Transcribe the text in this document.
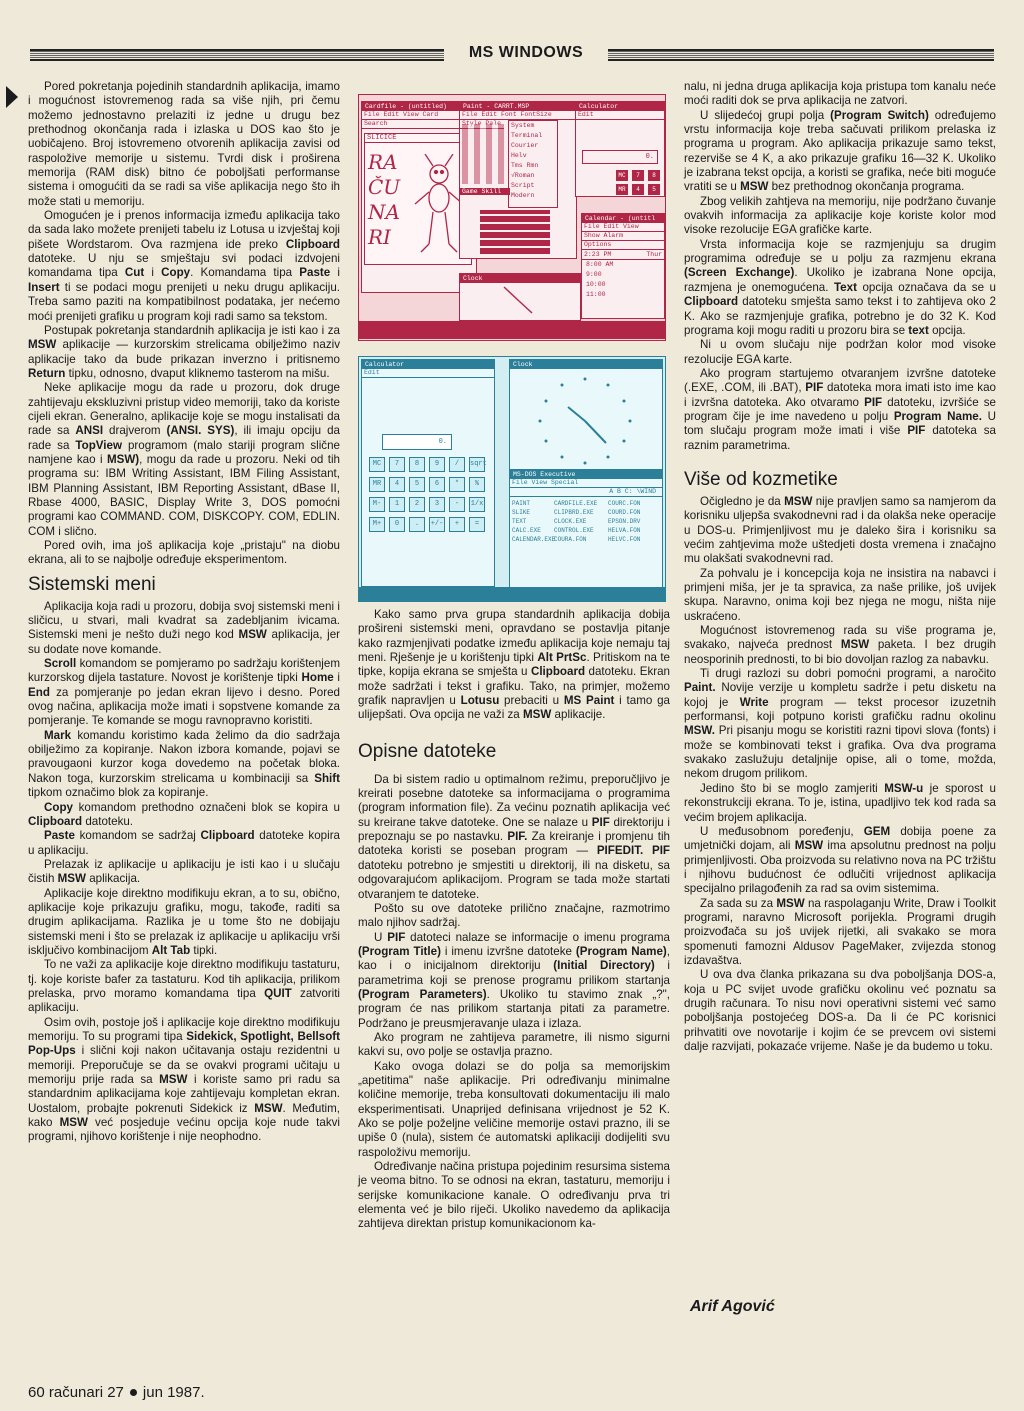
MS WINDOWS

Pored pokretanja pojedinih standardnih aplikacija, imamo i mogućnost istovremenog rada sa više njih, pri čemu možemo jednostavno prelaziti iz jedne u drugu bez prethodnog okončanja rada i izlaska u DOS kao što je uobičajeno. Broj istovremeno otvorenih aplikacija zavisi od raspoložive memorije u sistemu. Tvrdi disk i proširena memorija (RAM disk) bitno će poboljšati performanse sistema i omogućiti da se radi sa više aplikacija nego što ih može stati u memoriju.

Omogućen je i prenos informacija između aplikacija tako da sada lako možete prenijeti tabelu iz Lotusa u izvještaj koji pišete Wordstarom. Ova razmjena ide preko Clipboard datoteke. U nju se smještaju svi podaci izdvojeni komandama tipa Cut i Copy. Komandama tipa Paste i Insert ti se podaci mogu prenijeti u neku drugu aplikaciju. Treba samo paziti na kompatibilnost podataka, jer nećemo moći prenijeti grafiku u program koji radi samo sa tekstom.

Postupak pokretanja standardnih aplikacija je isti kao i za MSW aplikacije — kurzorskim strelicama obilježimo naziv aplikacije tako da bude prikazan inverzno i pritisnemo Return tipku, odnosno, dvaput kliknemo tasterom na mišu.

Neke aplikacije mogu da rade u prozoru, dok druge zahtijevaju ekskluzivni pristup video memoriji, tako da koriste cijeli ekran. Generalno, aplikacije koje se mogu instalisati da rade sa ANSI drajverom (ANSI. SYS), ili imaju opciju da rade sa TopView programom (malo stariji program slične namjene kao i MSW), mogu da rade u prozoru. Neki od tih programa su: IBM Writing Assistant, IBM Filing Assistant, IBM Planning Assistant, IBM Reporting Assistant, dBase II, Rbase 4000, BASIC, Display Write 3, DOS pomoćni programi kao COMMAND. COM, DISKCOPY. COM, EDLIN. COM i slično.

Pored ovih, ima još aplikacija koje „pristaju" na diobu ekrana, ali to se najbolje određuje eksperimentom.

Sistemski meni

Aplikacija koja radi u prozoru, dobija svoj sistemski meni i sličicu, u stvari, mali kvadrat sa zadebljanim ivicama. Sistemski meni je nešto duži nego kod MSW aplikacija, jer su dodate nove komande.

Scroll komandom se pomjeramo po sadržaju korištenjem kurzorskog dijela tastature. Novost je korištenje tipki Home i End za pomjeranje po jedan ekran lijevo i desno. Pored ovog načina, aplikacija može imati i sopstvene komande za pomjeranje. Te komande se mogu ravnopravno koristiti.

Mark komandu koristimo kada želimo da dio sadržaja obilježimo za kopiranje. Nakon izbora komande, pojavi se pravougaoni kurzor koga dovedemo na početak bloka. Nakon toga, kurzorskim strelicama u kombinaciji sa Shift tipkom označimo blok za kopiranje.

Copy komandom prethodno označeni blok se kopira u Clipboard datoteku.

Paste komandom se sadržaj Clipboard datoteke kopira u aplikaciju.

Prelazak iz aplikacije u aplikaciju je isti kao i u slučaju čistih MSW aplikacija.

Aplikacije koje direktno modifikuju ekran, a to su, obično, aplikacije koje prikazuju grafiku, mogu, takođe, raditi sa drugim aplikacijama. Razlika je u tome što ne dobijaju sistemski meni i što se prelazak iz aplikacije u aplikaciju vrši isključivo kombinacijom Alt Tab tipki.

To ne važi za aplikacije koje direktno modifikuju tastaturu, tj. koje koriste bafer za tastaturu. Kod tih aplikacija, prilikom prelaska, prvo moramo komandama tipa QUIT zatvoriti aplikaciju.

Osim ovih, postoje još i aplikacije koje direktno modifikuju memoriju. To su programi tipa Sidekick, Spotlight, Bellsoft Pop-Ups i slični koji nakon učitavanja ostaju rezidentni u memoriji. Preporučuje se da se ovakvi programi učitaju u memoriju prije rada sa MSW i koriste samo pri radu sa standardnim aplikacijama koje zahtijevaju kompletan ekran. Uostalom, probajte pokrenuti Sidekick iz MSW. Međutim, kako MSW već posjeduje većinu opcija koje nude takvi programi, njihovo korištenje i nije neophodno.

Cardfile - (untitled)
File Edit View Card
Search
SLICICE
RA
ČU
NA
RI
Paint - CARRT.MSP
File Edit Font FontSize
Style Pale	System
Terminal
Courier
Helv
Tms Rmn
√Roman
Script
Modern
Game Skill
Calculator
Edit
0.
MC	7	8
MR	4	5
Calendar - (untitl
File Edit View
Show Alarm
Options
2:23 PM	Thur
8:00 AM
9:00
10:00
11:00
Clock
Calculator
Edit
0.
MC	7	8	9	/	sqrt
MR	4	5	6	*	%
M-	1	2	3	-	1/x
M+	0	.	+/-	+	=
Clock
MS-DOS Executive
File View Special
A B C: \WIND
PAINT	CARDFILE.EXE	COURC.FON
SLIKE	CLIPBRD.EXE	COURD.FON
TEXT	CLOCK.EXE	EPSON.DRV
CALC.EXE	CONTROL.EXE	HELVA.FON
CALENDAR.EXE
COURA.FON	HELVC.FON

Kako samo prva grupa standardnih aplikacija dobija prošireni sistemski meni, opravdano se postavlja pitanje kako razmjenjivati podatke između aplikacija koje nemaju taj meni. Rješenje je u korištenju tipki Alt PrtSc. Pritiskom na te tipke, kopija ekrana se smješta u Clipboard datoteku. Ekran može sadržati i tekst i grafiku. Tako, na primjer, možemo grafik napravljen u Lotusu prebaciti u MS Paint i tamo ga ulijepšati. Ova opcija ne važi za MSW aplikacije.

Opisne datoteke

Da bi sistem radio u optimalnom režimu, preporučljivo je kreirati posebne datoteke sa informacijama o programima (program information file). Za većinu poznatih aplikacija već su kreirane takve datoteke. One se nalaze u PIF direktoriju i prepoznaju se po nastavku. PIF. Za kreiranje i promjenu tih datoteka koristi se poseban program — PIFEDIT. PIF datoteku potrebno je smjestiti u direktorij, ili na disketu, sa odgovarajućom aplikacijom. Program se tada može startati otvaranjem te datoteke.

Pošto su ove datoteke prilično značajne, razmotrimo malo njihov sadržaj.

U PIF datoteci nalaze se informacije o imenu programa (Program Title) i imenu izvršne datoteke (Program Name), kao i o inicijalnom direktoriju (Initial Directory) i parametrima koji se prenose programu prilikom startanja (Program Parameters). Ukoliko tu stavimo znak „?", program će nas prilikom startanja pitati za parametre. Podržano je preusmjeravanje ulaza i izlaza.

Ako program ne zahtijeva parametre, ili nismo sigurni kakvi su, ovo polje se ostavlja prazno.

Kako ovoga dolazi se do polja sa memorijskim „apetitima" naše aplikacije. Pri određivanju minimalne količine memorije, treba konsultovati dokumentaciju ili malo eksperimentisati. Unaprijed definisana vrijednost je 52 K. Ako se polje poželjne veličine memorije ostavi prazno, ili se upiše 0 (nula), sistem će automatski aplikaciji dodijeliti svu raspoloživu memoriju.

Određivanje načina pristupa pojedinim resursima sistema je veoma bitno. To se odnosi na ekran, tastaturu, memoriju i serijske komunikacione kanale. O određivanju prva tri elementa već je bilo riječi. Ukoliko navedemo da aplikacija zahtijeva direktan pristup komunikacionom ka-

nalu, ni jedna druga aplikacija koja pristupa tom kanalu neće moći raditi dok se prva aplikacija ne zatvori.

U slijedećoj grupi polja (Program Switch) određujemo vrstu informacija koje treba sačuvati prilikom prelaska iz programa u program. Ako aplikacija prikazuje samo tekst, rezerviše se 4 K, a ako prikazuje grafiku 16—32 K. Ukoliko je izabrana tekst opcija, a koristi se grafika, neće biti moguće vratiti se u MSW bez prethodnog okončanja programa.

Zbog velikih zahtjeva na memoriju, nije podržano čuvanje ovakvih informacija za aplikacije koje koriste kolor mod visoke rezolucije EGA grafičke karte.

Vrsta informacija koje se razmjenjuju sa drugim programima određuje se u polju za razmjenu ekrana (Screen Exchange). Ukoliko je izabrana None opcija, razmjena je onemogućena. Text opcija označava da se u Clipboard datoteku smješta samo tekst i to zahtijeva oko 2 K. Ako se razmjenjuje grafika, potrebno je do 32 K. Kod programa koji mogu raditi u prozoru bira se text opcija.

Ni u ovom slučaju nije podržan kolor mod visoke rezolucije EGA karte.

Ako program startujemo otvaranjem izvršne datoteke (.EXE, .COM, ili .BAT), PIF datoteka mora imati isto ime kao i izvršna datoteka. Ako otvaramo PIF datoteku, izvršiće se program čije je ime navedeno u polju Program Name. U tom slučaju program može imati i više PIF datoteka sa raznim parametrima.

Više od kozmetike

Očigledno je da MSW nije pravljen samo sa namjerom da korisniku uljepša svakodnevni rad i da olakša neke operacije u DOS-u. Primjenljivost mu je daleko šira i korisniku sa većim zahtjevima može uštedjeti dosta vremena i značajno mu olakšati svakodnevni rad.

Za pohvalu je i koncepcija koja ne insistira na nabavci i primjeni miša, jer je ta spravica, za naše prilike, još uvijek skupa. Naravno, onima koji bez njega ne mogu, ništa nije uskraćeno.

Mogućnost istovremenog rada su više programa je, svakako, najveća prednost MSW paketa. I bez drugih neosporinih prednosti, to bi bio dovoljan razlog za nabavku.

Ti drugi razlozi su dobri pomoćni programi, a naročito Paint. Novije verzije u kompletu sadrže i petu disketu na kojoj je Write program — tekst procesor izuzetnih performansi, koji potpuno koristi grafičku radnu okolinu MSW. Pri pisanju mogu se koristiti razni tipovi slova (fonts) i može se kombinovati tekst i grafika. Ova dva programa svakako zaslužuju detaljnije opise, ali o tome, možda, nekom drugom prilikom.

Jedino što bi se moglo zamjeriti MSW-u je sporost u rekonstrukciji ekrana. To je, istina, upadljivo tek kod rada sa većim brojem aplikacija.

U međusobnom poređenju, GEM dobija poene za umjetnički dojam, ali MSW ima apsolutnu prednost na polju primjenljivosti. Oba proizvoda su relativno nova na PC tržištu i njihovu budućnost će odlučiti vrijednost aplikacija specijalno prilagođenih za rad sa ovim sistemima.

Za sada su za MSW na raspolaganju Write, Draw i Toolkit programi, naravno Microsoft porijekla. Programi drugih proizvođača su još uvijek rijetki, ali svakako se mora spomenuti famozni Aldusov PageMaker, zvijezda stonog izdavaštva.

U ova dva članka prikazana su dva poboljšanja DOS-a, koja u PC svijet uvode grafičku okolinu već poznatu sa drugih računara. To nisu novi operativni sistemi već samo poboljšanja postojećeg DOS-a. Da li će PC korisnici prihvatiti ove novotarije i kojim će se prevcem ovi sistemi dalje razvijati, pokazaće vrijeme. Naše je da budemo u toku.

Arif Agović
60 računari 27 jun 1987.
